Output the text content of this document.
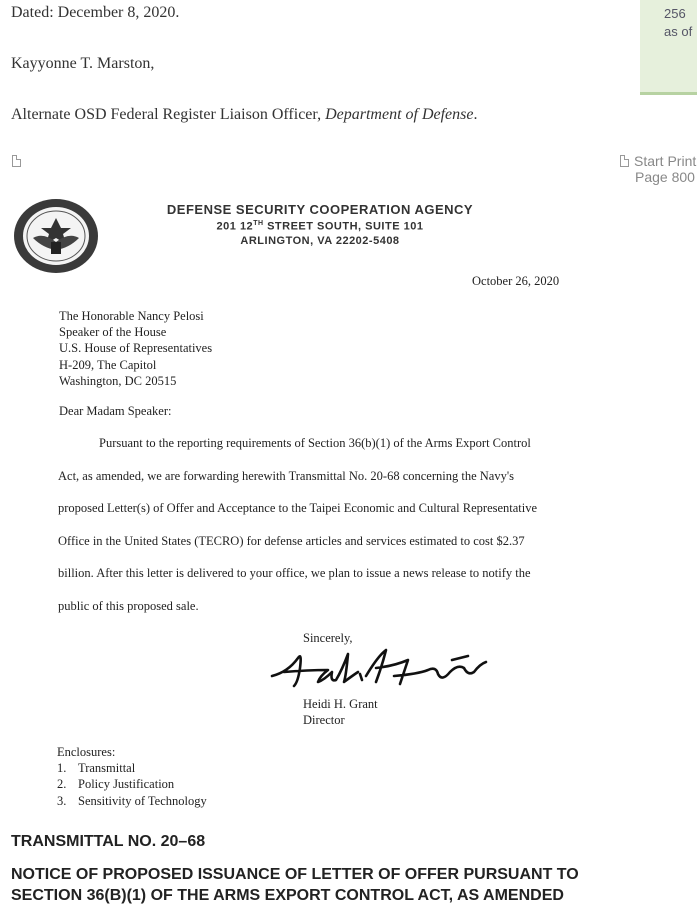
Dated: December 8, 2020.
Kayyonne T. Marston,
Alternate OSD Federal Register Liaison Officer, Department of Defense.
256
as of
Start Print
Page 800
DEFENSE SECURITY COOPERATION AGENCY
201 12TH STREET SOUTH, SUITE 101
ARLINGTON, VA 22202-5408
October 26, 2020
The Honorable Nancy Pelosi
Speaker of the House
U.S. House of Representatives
H-209, The Capitol
Washington, DC 20515
Dear Madam Speaker:
Pursuant to the reporting requirements of Section 36(b)(1) of the Arms Export Control
Act, as amended, we are forwarding herewith Transmittal No. 20-68 concerning the Navy's
proposed Letter(s) of Offer and Acceptance to the Taipei Economic and Cultural Representative
Office in the United States (TECRO) for defense articles and services estimated to cost $2.37
billion. After this letter is delivered to your office, we plan to issue a news release to notify the
public of this proposed sale.
Sincerely,
Heidi H. Grant
Director
Enclosures:
1. Transmittal
2. Policy Justification
3. Sensitivity of Technology
TRANSMITTAL NO. 20–68
NOTICE OF PROPOSED ISSUANCE OF LETTER OF OFFER PURSUANT TO SECTION 36(B)(1) OF THE ARMS EXPORT CONTROL ACT, AS AMENDED
